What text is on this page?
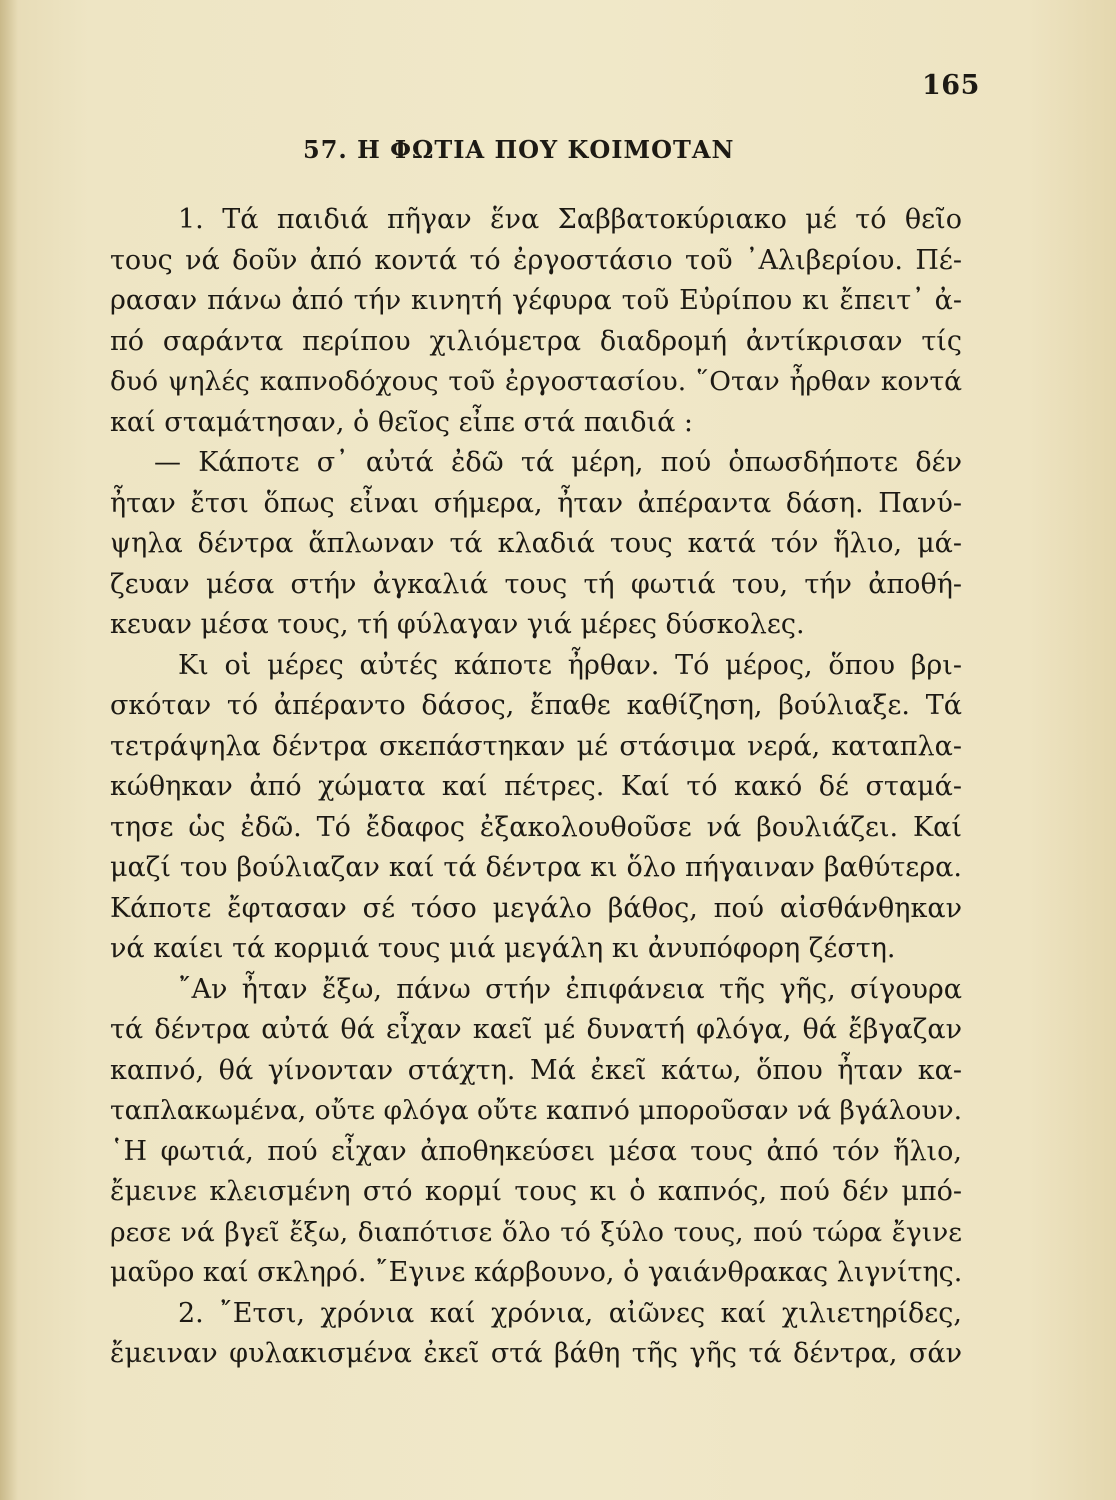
165
57. Η ΦΩΤΙΑ ΠΟΥ ΚΟΙΜΟΤΑΝ
1. Τά παιδιά πῆγαν ἕνα Σαββατοκύριακο μέ τό θεῖο
τους νά δοῦν ἀπό κοντά τό ἐργοστάσιο τοῦ ᾽Αλιβερίου. Πέ-
ρασαν πάνω ἀπό τήν κινητή γέφυρα τοῦ Εὐρίπου κι ἔπειτ᾽ ἀ-
πό σαράντα περίπου χιλιόμετρα διαδρομή ἀντίκρισαν τίς
δυό ψηλές καπνοδόχους τοῦ ἐργοστασίου. ῞Οταν ἦρθαν κοντά
καί σταμάτησαν, ὁ θεῖος εἶπε στά παιδιά :
— Κάποτε σ᾽ αὐτά ἐδῶ τά μέρη, πού ὁπωσδήποτε δέν
ἦταν ἔτσι ὅπως εἶναι σήμερα, ἦταν ἀπέραντα δάση. Πανύ-
ψηλα δέντρα ἅπλωναν τά κλαδιά τους κατά τόν ἥλιο, μά-
ζευαν μέσα στήν ἀγκαλιά τους τή φωτιά του, τήν ἀποθή-
κευαν μέσα τους, τή φύλαγαν γιά μέρες δύσκολες.
Κι οἱ μέρες αὐτές κάποτε ἦρθαν. Τό μέρος, ὅπου βρι-
σκόταν τό ἀπέραντο δάσος, ἔπαθε καθίζηση, βούλιαξε. Τά
τετράψηλα δέντρα σκεπάστηκαν μέ στάσιμα νερά, καταπλα-
κώθηκαν ἀπό χώματα καί πέτρες. Καί τό κακό δέ σταμά-
τησε ὡς ἐδῶ. Τό ἔδαφος ἐξακολουθοῦσε νά βουλιάζει. Καί
μαζί του βούλιαζαν καί τά δέντρα κι ὅλο πήγαιναν βαθύτερα.
Κάποτε ἔφτασαν σέ τόσο μεγάλο βάθος, πού αἰσθάνθηκαν
νά καίει τά κορμιά τους μιά μεγάλη κι ἀνυπόφορη ζέστη.
῎Αν ἦταν ἔξω, πάνω στήν ἐπιφάνεια τῆς γῆς, σίγουρα
τά δέντρα αὐτά θά εἶχαν καεῖ μέ δυνατή φλόγα, θά ἔβγαζαν
καπνό, θά γίνονταν στάχτη. Μά ἐκεῖ κάτω, ὅπου ἦταν κα-
ταπλακωμένα, οὔτε φλόγα οὔτε καπνό μποροῦσαν νά βγάλουν.
῾Η φωτιά, πού εἶχαν ἀποθηκεύσει μέσα τους ἀπό τόν ἥλιο,
ἔμεινε κλεισμένη στό κορμί τους κι ὁ καπνός, πού δέν μπό-
ρεσε νά βγεῖ ἔξω, διαπότισε ὅλο τό ξύλο τους, πού τώρα ἔγινε
μαῦρο καί σκληρό. ῎Εγινε κάρβουνο, ὁ γαιάνθρακας λιγνίτης.
2. ῎Ετσι, χρόνια καί χρόνια, αἰῶνες καί χιλιετηρίδες,
ἔμειναν φυλακισμένα ἐκεῖ στά βάθη τῆς γῆς τά δέντρα, σάν
